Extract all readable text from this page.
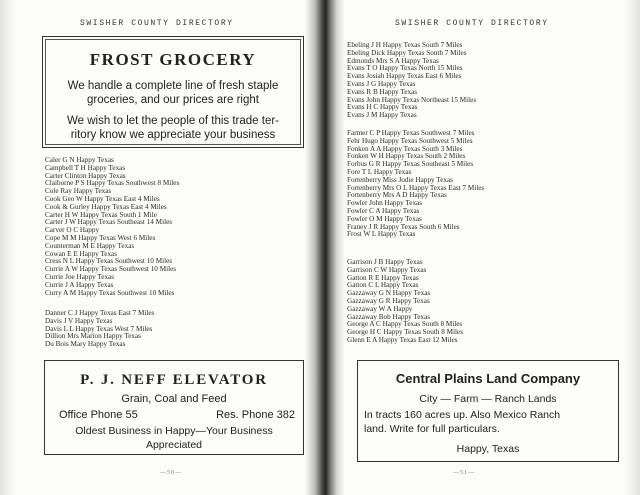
SWISHER COUNTY DIRECTORY
FROST GROCERY
We handle a complete line of fresh staple
groceries, and our prices are right
We wish to let the people of this trade ter-
ritory know we appreciate your business
Caler G N Happy Texas
Campbell T H Happy Texas
Carter Clinton Happy Texas
Claiborne P S Happy Texas Southwest 8 Miles
Cole Ray Happy Texas
Cook Geo W Happy Texas East 4 Miles
Cook & Gurley Happy Texas East 4 Miles
Carter H W Happy Texas South 1 Mile
Carter J W Happy Texas Southeast 14 Miles
Carver O C Happy
Cope M M Happy Texas West 6 Miles
Counterman M E Happy Texas
Cowan E E Happy Texas
Cress N L Happy Texas Southwest 10 Miles
Currie A W Happy Texas Southwest 10 Miles
Currie Joe Happy Texas
Currie J A Happy Texas
Curry A M Happy Texas Southwest 10 Miles
Danner C J Happy Texas East 7 Miles
Davis J V Happy Texas
Davis L L Happy Texas West 7 Miles
Dillion Mrs Marion Happy Texas
Du Bois Mary Happy Texas
P. J. NEFF ELEVATOR
Grain, Coal and Feed
Office Phone 55	Res. Phone 382
Oldest Business in Happy—Your Business
Appreciated
—50—
SWISHER COUNTY DIRECTORY
Ebeling J H Happy Texas South 7 Miles
Ebeling Dick Happy Texas South 7 Miles
Edmonds Mrs S A Happy Texas
Evans T O Happy Texas North 15 Miles
Evans Josiah Happy Texas East 6 Miles
Evans J G Happy Texas
Evans R B Happy Texas
Evans John Happy Texas Northeast 15 Miles
Evans H C Happy Texas
Evans J M Happy Texas
Farmer C P Happy Texas Southwest 7 Miles
Fehr Hugo Happy Texas Southwest 5 Miles
Fonken A A Happy Texas South 3 Miles
Fonken W H Happy Texas South 2 Miles
Forbus G R Happy Texas Southeast 5 Miles
Fore T L Happy Texas
Fortenberry Miss Jodie Happy Texas
Fortenberry Mrs O L Happy Texas East 7 Miles
Fortenberry Mrs A D Happy Texas
Fowler John Happy Texas
Fowler C A Happy Texas
Fowler O M Happy Texas
Franey J R Happy Texas South 6 Miles
Frost W L Happy Texas
Garrison J B Happy Texas
Garrison C W Happy Texas
Gatton R E Happy Texas
Gatton C L Happy Texas
Gazzaway G N Happy Texas
Gazzaway G R Happy Texas
Gazzaway W A Happy
Gazzaway Bob Happy Texas
George A C Happy Texas South 8 Miles
George H C Happy Texas South 8 Miles
Glenn E A Happy Texas East 12 Miles
Central Plains Land Company
City — Farm — Ranch Lands
In tracts 160 acres up. Also Mexico Ranch
land. Write for full particulars.
Happy, Texas
—51—
